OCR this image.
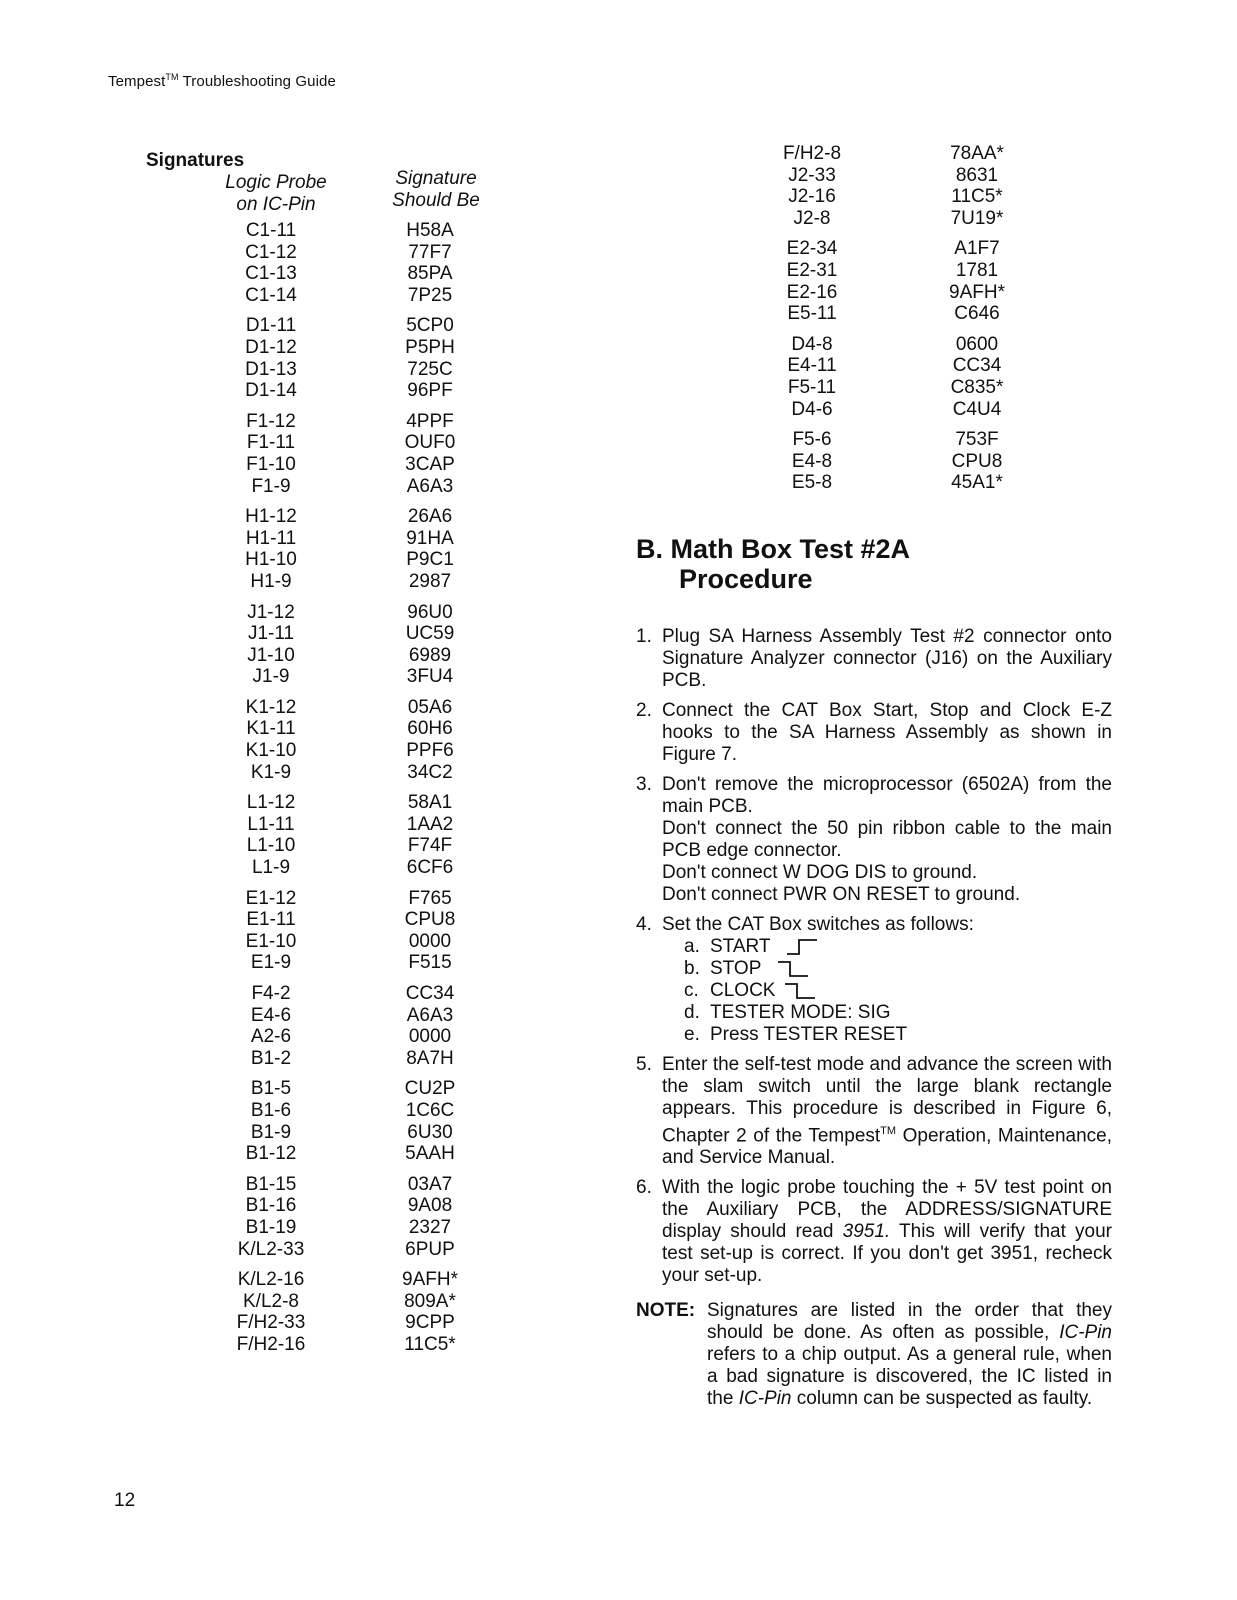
Tempest™ Troubleshooting Guide
Signatures
Logic Probe
on IC-Pin
Signature
Should Be
C1-11	H58A
C1-12	77F7
C1-13	85PA
C1-14	7P25
D1-11	5CP0
D1-12	P5PH
D1-13	725C
D1-14	96PF
F1-12	4PPF
F1-11	OUF0
F1-10	3CAP
F1-9	A6A3
H1-12	26A6
H1-11	91HA
H1-10	P9C1
H1-9	2987
J1-12	96U0
J1-11	UC59
J1-10	6989
J1-9	3FU4
K1-12	05A6
K1-11	60H6
K1-10	PPF6
K1-9	34C2
L1-12	58A1
L1-11	1AA2
L1-10	F74F
L1-9	6CF6
E1-12	F765
E1-11	CPU8
E1-10	0000
E1-9	F515
F4-2	CC34
E4-6	A6A3
A2-6	0000
B1-2	8A7H
B1-5	CU2P
B1-6	1C6C
B1-9	6U30
B1-12	5AAH
B1-15	03A7
B1-16	9A08
B1-19	2327
K/L2-33	6PUP
K/L2-16	9AFH*
K/L2-8	809A*
F/H2-33	9CPP
F/H2-16	11C5*
F/H2-8	78AA*
J2-33	8631
J2-16	11C5*
J2-8	7U19*
E2-34	A1F7
E2-31	1781
E2-16	9AFH*
E5-11	C646
D4-8	0600
E4-11	CC34
F5-11	C835*
D4-6	C4U4
F5-6	753F
E4-8	CPU8
E5-8	45A1*
B. Math Box Test #2A
Procedure
1. Plug SA Harness Assembly Test #2 connector onto Signature Analyzer connector (J16) on the Auxiliary PCB.

2. Connect the CAT Box Start, Stop and Clock E-Z hooks to the SA Harness Assembly as shown in Figure 7.

3. Don't remove the microprocessor (6502A) from the main PCB.

Don't connect the 50 pin ribbon cable to the main PCB edge connector.

Don't connect W DOG DIS to ground.

Don't connect PWR ON RESET to ground.

4. Set the CAT Box switches as follows:

a. START
b. STOP
c. CLOCK
d. TESTER MODE: SIG
e. Press TESTER RESET
5. Enter the self-test mode and advance the screen with the slam switch until the large blank rectangle appears. This procedure is described in Figure 6, Chapter 2 of the Tempest™ Operation, Maintenance, and Service Manual.

6. With the logic probe touching the + 5V test point on the Auxiliary PCB, the ADDRESS/SIGNATURE display should read 3951. This will verify that your test set-up is correct. If you don't get 3951, recheck your set-up.

NOTE: Signatures are listed in the order that they should be done. As often as possible, IC-Pin refers to a chip output. As a general rule, when a bad signature is discovered, the IC listed in the IC-Pin column can be suspected as faulty.
12
